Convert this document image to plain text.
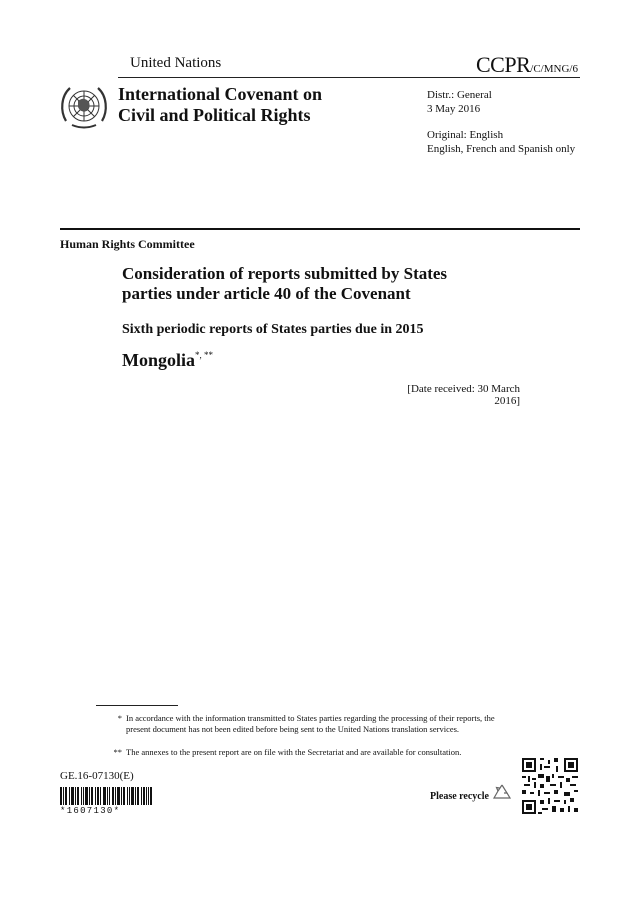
United Nations	CCPR/C/MNG/6
International Covenant on
Civil and Political Rights
Distr.: General
3 May 2016
Original: English
English, French and Spanish only
Human Rights Committee
Consideration of reports submitted by States
parties under article 40 of the Covenant
Sixth periodic reports of States parties due in 2015
Mongolia*, **
[Date received: 30 March 2016]
* In accordance with the information transmitted to States parties regarding the processing of their reports, the present document has not been edited before being sent to the United Nations translation services.
** The annexes to the present report are on file with the Secretariat and are available for consultation.
GE.16-07130(E)
*1607130*
Please recycle
